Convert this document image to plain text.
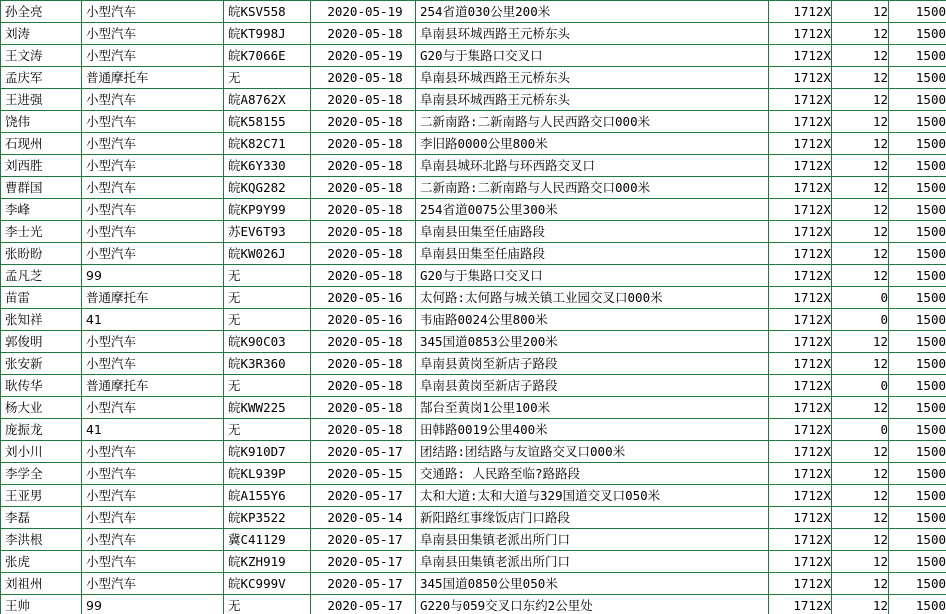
孙全亮	小型汽车	皖KSV558	2020-05-19	254省道030公里200米	1712X	12	1500
刘涛	小型汽车	皖KT998J	2020-05-18	阜南县环城西路王元桥东头	1712X	12	1500
王文涛	小型汽车	皖K7066E	2020-05-19	G20与于集路口交叉口	1712X	12	1500
孟庆军	普通摩托车	无	2020-05-18	阜南县环城西路王元桥东头	1712X	12	1500
王进强	小型汽车	皖A8762X	2020-05-18	阜南县环城西路王元桥东头	1712X	12	1500
饶伟	小型汽车	皖K58155	2020-05-18	二新南路:二新南路与人民西路交口000米	1712X	12	1500
石现州	小型汽车	皖K82C71	2020-05-18	李旧路0000公里800米	1712X	12	1500
刘西胜	小型汽车	皖K6Y330	2020-05-18	阜南县城环北路与环西路交叉口	1712X	12	1500
曹群国	小型汽车	皖KQG282	2020-05-18	二新南路:二新南路与人民西路交口000米	1712X	12	1500
李峰	小型汽车	皖KP9Y99	2020-05-18	254省道0075公里300米	1712X	12	1500
李士光	小型汽车	苏EV6T93	2020-05-18	阜南县田集至任庙路段	1712X	12	1500
张盼盼	小型汽车	皖KW026J	2020-05-18	阜南县田集至任庙路段	1712X	12	1500
孟凡芝	99	无	2020-05-18	G20与于集路口交叉口	1712X	12	1500
苗雷	普通摩托车	无	2020-05-16	太何路:太何路与城关镇工业园交叉口000米	1712X	0	1500
张知祥	41	无	2020-05-16	韦庙路0024公里800米	1712X	0	1500
郭俊明	小型汽车	皖K90C03	2020-05-18	345国道0853公里200米	1712X	12	1500
张安新	小型汽车	皖K3R360	2020-05-18	阜南县黄岗至新店子路段	1712X	12	1500
耿传华	普通摩托车	无	2020-05-18	阜南县黄岗至新店子路段	1712X	0	1500
杨大业	小型汽车	皖KWW225	2020-05-18	郜台至黄岗1公里100米	1712X	12	1500
庞振龙	41	无	2020-05-18	田韩路0019公里400米	1712X	0	1500
刘小川	小型汽车	皖K910D7	2020-05-17	团结路:团结路与友谊路交叉口000米	1712X	12	1500
李学全	小型汽车	皖KL939P	2020-05-15	交通路: 人民路至临?路路段	1712X	12	1500
王亚男	小型汽车	皖A155Y6	2020-05-17	太和大道:太和大道与329国道交叉口050米	1712X	12	1500
李磊	小型汽车	皖KP3522	2020-05-14	新阳路红事缘饭店门口路段	1712X	12	1500
李洪根	小型汽车	冀C41129	2020-05-17	阜南县田集镇老派出所门口	1712X	12	1500
张虎	小型汽车	皖KZH919	2020-05-17	阜南县田集镇老派出所门口	1712X	12	1500
刘祖州	小型汽车	皖KC999V	2020-05-17	345国道0850公里050米	1712X	12	1500
王帅	99	无	2020-05-17	G220与059交叉口东约2公里处	1712X	12	1500
